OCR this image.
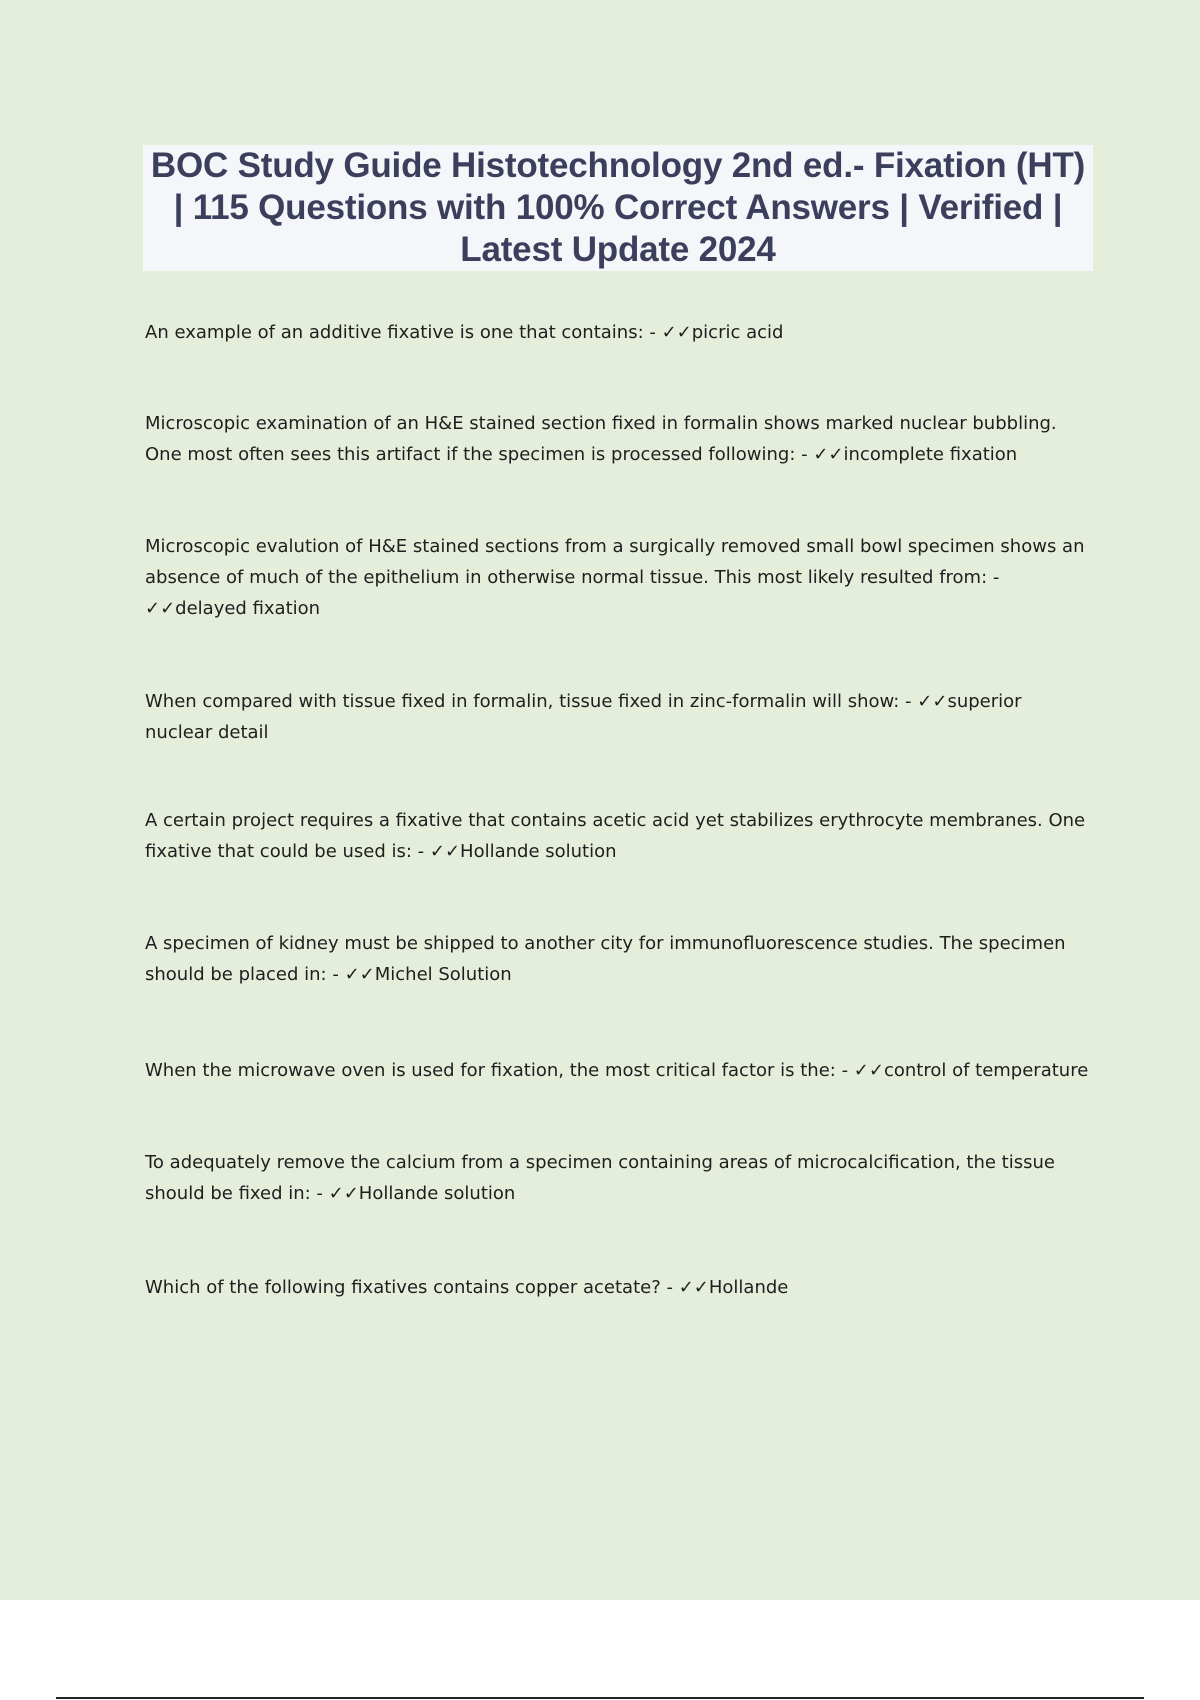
BOC Study Guide Histotechnology 2nd ed.- Fixation (HT) | 115 Questions with 100% Correct Answers | Verified | Latest Update 2024

An example of an additive fixative is one that contains: - ✓✓picric acid

Microscopic examination of an H&E stained section fixed in formalin shows marked nuclear bubbling. One most often sees this artifact if the specimen is processed following: - ✓✓incomplete fixation

Microscopic evalution of H&E stained sections from a surgically removed small bowl specimen shows an absence of much of the epithelium in otherwise normal tissue. This most likely resulted from: - ✓✓delayed fixation

When compared with tissue fixed in formalin, tissue fixed in zinc-formalin will show: - ✓✓superior nuclear detail

A certain project requires a fixative that contains acetic acid yet stabilizes erythrocyte membranes. One fixative that could be used is: - ✓✓Hollande solution

A specimen of kidney must be shipped to another city for immunofluorescence studies. The specimen should be placed in: - ✓✓Michel Solution

When the microwave oven is used for fixation, the most critical factor is the: - ✓✓control of temperature

To adequately remove the calcium from a specimen containing areas of microcalcification, the tissue should be fixed in: - ✓✓Hollande solution

Which of the following fixatives contains copper acetate? - ✓✓Hollande
